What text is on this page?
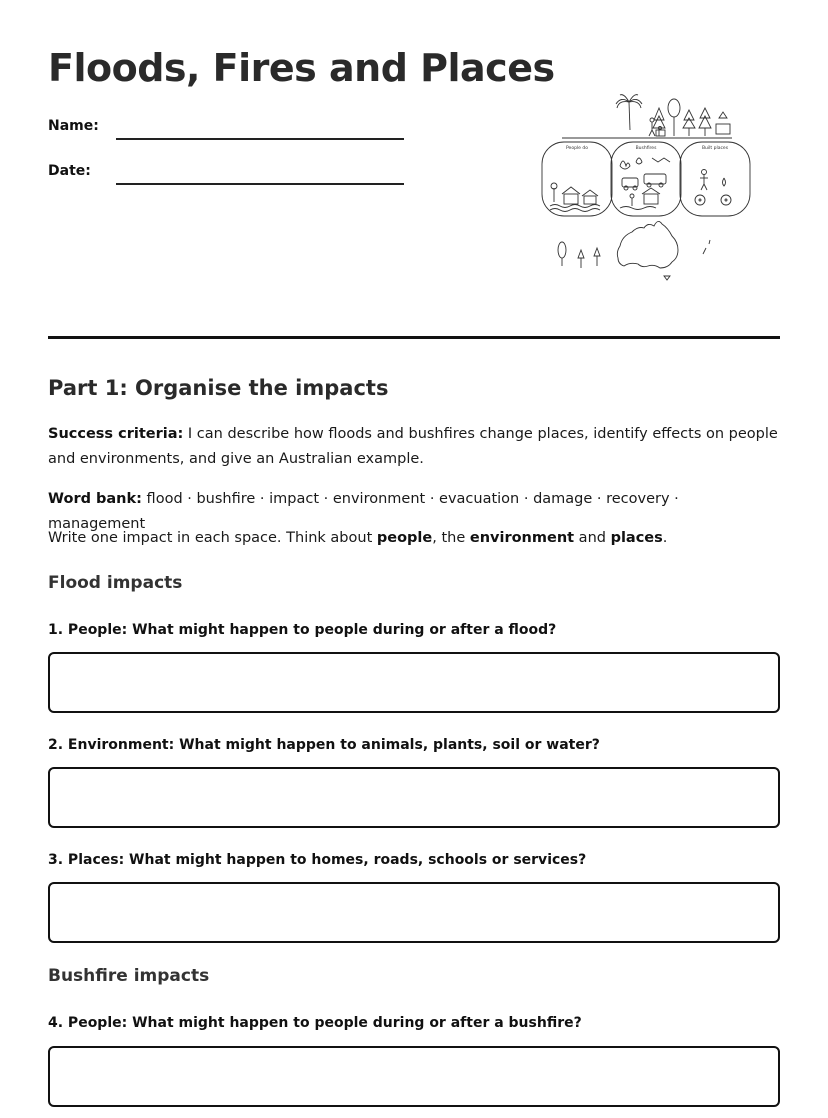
Floods, Fires and Places
Name:
Date:
People do	Bushfires	Built places
Part 1: Organise the impacts
Success criteria: I can describe how floods and bushfires change places, identify effects on people and environments, and give an Australian example.
Word bank: flood · bushfire · impact · environment · evacuation · damage · recovery · management
Write one impact in each space. Think about people, the environment and places.
Flood impacts
1. People: What might happen to people during or after a flood?
2. Environment: What might happen to animals, plants, soil or water?
3. Places: What might happen to homes, roads, schools or services?
Bushfire impacts
4. People: What might happen to people during or after a bushfire?
